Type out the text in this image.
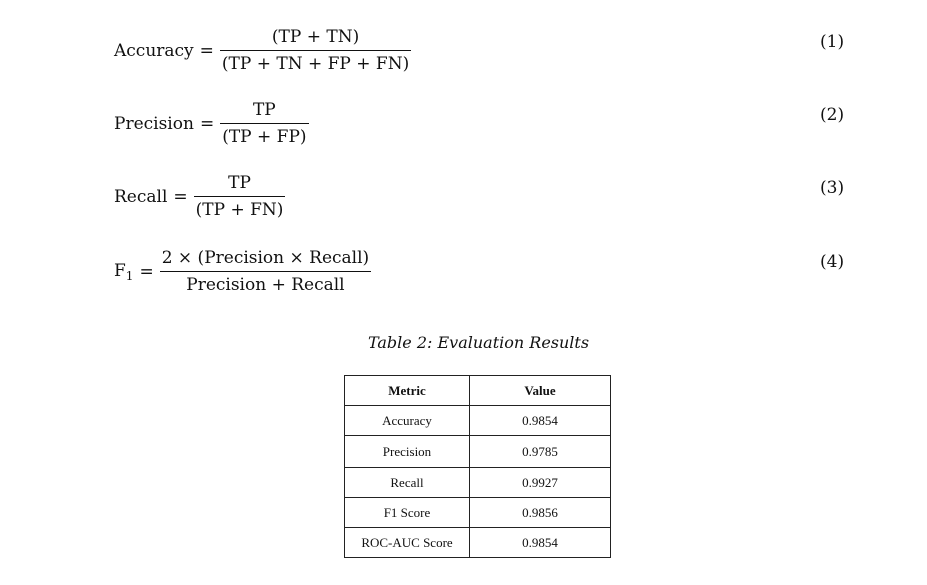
Accuracy = $\frac{(TP + TN)}{(TP + TN + FP + FN)}$	(1)
Precision = $\frac{TP}{(TP + FP)}$	(2)
Recall = $\frac{TP}{(TP + FN)}$	(3)
$F_1 = \frac{\text{2 × (Precision × Recall)}}{\text{Precision + Recall}}$	(4)
Table 2: Evaluation Results
Metric	Value
Accuracy	0.9854
Precision	0.9785
Recall	0.9927
F1 Score	0.9856
ROC-AUC Score	0.9854
